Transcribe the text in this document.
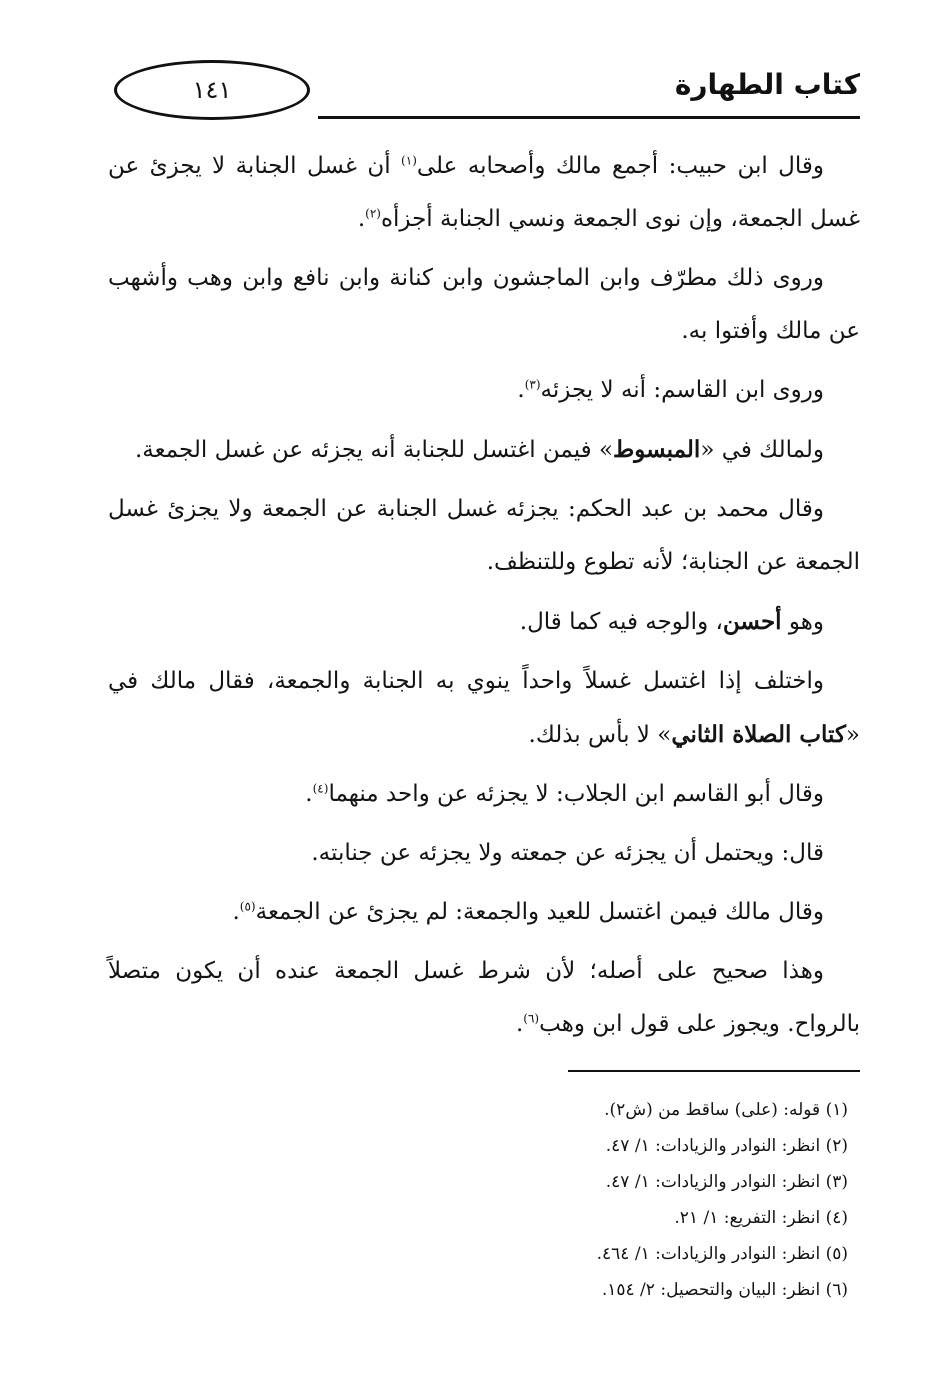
كتاب الطهارة
١٤١

وقال ابن حبيب: أجمع مالك وأصحابه على$^{(١)}$ أن غسل الجنابة لا يجزئ عن غسل الجمعة، وإن نوى الجمعة ونسي الجنابة أجزأه$^{(٢)}$.

وروى ذلك مطرّف وابن الماجشون وابن كنانة وابن نافع وابن وهب وأشهب عن مالك وأفتوا به.

وروى ابن القاسم: أنه لا يجزئه$^{(٣)}$.

ولمالك في «المبسوط» فيمن اغتسل للجنابة أنه يجزئه عن غسل الجمعة.

وقال محمد بن عبد الحكم: يجزئه غسل الجنابة عن الجمعة ولا يجزئ غسل الجمعة عن الجنابة؛ لأنه تطوع وللتنظف.

وهو أحسن، والوجه فيه كما قال.

واختلف إذا اغتسل غسلاً واحداً ينوي به الجنابة والجمعة، فقال مالك في «كتاب الصلاة الثاني» لا بأس بذلك.

وقال أبو القاسم ابن الجلاب: لا يجزئه عن واحد منهما$^{(٤)}$.

قال: ويحتمل أن يجزئه عن جمعته ولا يجزئه عن جنابته.

وقال مالك فيمن اغتسل للعيد والجمعة: لم يجزئ عن الجمعة$^{(٥)}$.

وهذا صحيح على أصله؛ لأن شرط غسل الجمعة عنده أن يكون متصلاً بالرواح. ويجوز على قول ابن وهب$^{(٦)}$.

(١) قوله: (على) ساقط من (ش٢).
(٢) انظر: النوادر والزيادات: ١/ ٤٧.
(٣) انظر: النوادر والزيادات: ١/ ٤٧.
(٤) انظر: التفريع: ١/ ٢١.
(٥) انظر: النوادر والزيادات: ١/ ٤٦٤.
(٦) انظر: البيان والتحصيل: ٢/ ١٥٤.
